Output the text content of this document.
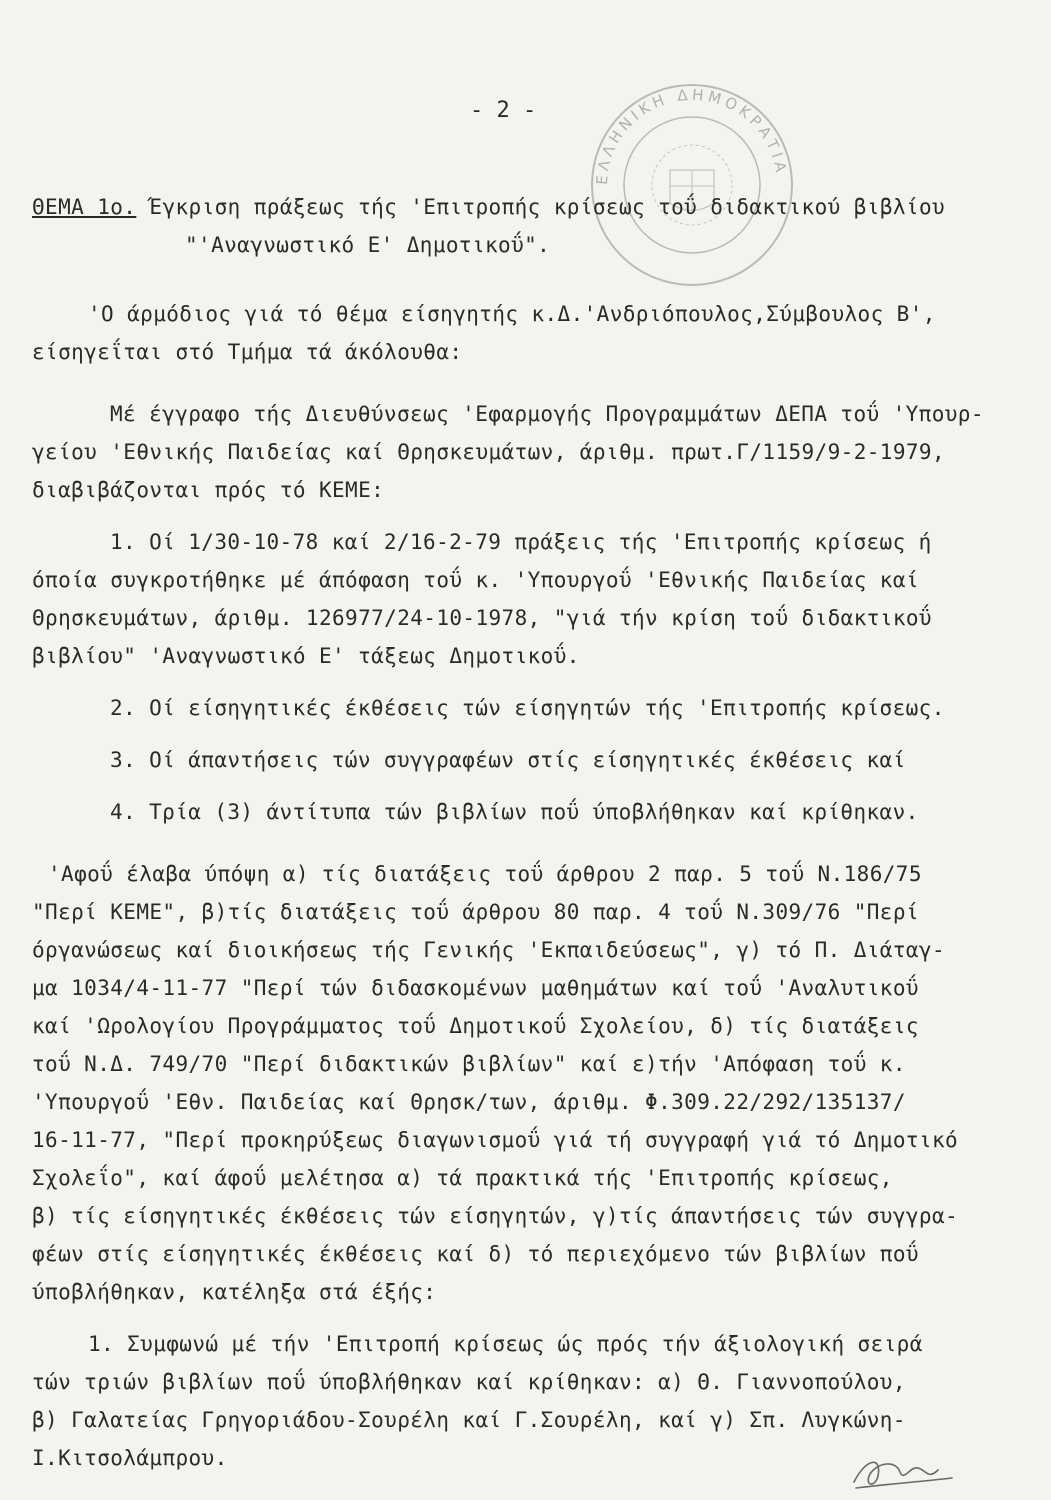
- 2 -
ΕΛΛΗΝΙΚΗ ΔΗΜΟΚΡΑΤΙΑ
ΘΕΜΑ 1ο. Έγκριση πράξεως τής 'Επιτροπής κρίσεως τοΰ διδακτικού βιβλίου
"'Αναγνωστικό Ε' Δημοτικοΰ".
'Ο άρμόδιος γιά τό θέμα είσηγητής κ.Δ.'Ανδριόπουλος,Σύμβουλος Β',
είσηγεΐται στό Τμήμα τά άκόλουθα:
Μέ έγγραφο τής Διευθύνσεως 'Εφαρμογής Προγραμμάτων ΔΕΠΑ τοΰ 'Υπουρ-
γείου 'Εθνικής Παιδείας καί Θρησκευμάτων, άριθμ. πρωτ.Γ/1159/9-2-1979,
διαβιβάζονται πρός τό ΚΕΜΕ:
1. Οί 1/30-10-78 καί 2/16-2-79 πράξεις τής 'Επιτροπής κρίσεως ή
όποία συγκροτήθηκε μέ άπόφαση τοΰ κ. 'Υπουργοΰ 'Εθνικής Παιδείας καί
Θρησκευμάτων, άριθμ. 126977/24-10-1978, "γιά τήν κρίση τοΰ διδακτικοΰ
βιβλίου" 'Αναγνωστικό Ε' τάξεως Δημοτικοΰ.
2. Οί είσηγητικές έκθέσεις τών είσηγητών τής 'Επιτροπής κρίσεως.
3. Οί άπαντήσεις τών συγγραφέων στίς είσηγητικές έκθέσεις καί
4. Τρία (3) άντίτυπα τών βιβλίων ποΰ ύποβλήθηκαν καί κρίθηκαν.
'Αφοΰ έλαβα ύπόψη α) τίς διατάξεις τοΰ άρθρου 2 παρ. 5 τοΰ Ν.186/75
"Περί ΚΕΜΕ", β)τίς διατάξεις τοΰ άρθρου 80 παρ. 4 τοΰ Ν.309/76 "Περί
όργανώσεως καί διοικήσεως τής Γενικής 'Εκπαιδεύσεως", γ) τό Π. Διάταγ-
μα 1034/4-11-77 "Περί τών διδασκομένων μαθημάτων καί τοΰ 'Αναλυτικοΰ
καί 'Ωρολογίου Προγράμματος τοΰ Δημοτικοΰ Σχολείου, δ) τίς διατάξεις
τοΰ Ν.Δ. 749/70 "Περί διδακτικών βιβλίων" καί ε)τήν 'Απόφαση τοΰ κ.
'Υπουργοΰ 'Εθν. Παιδείας καί Θρησκ/των, άριθμ. Φ.309.22/292/135137/
16-11-77, "Περί προκηρύξεως διαγωνισμοΰ γιά τή συγγραφή γιά τό Δημοτικό
Σχολεΐο", καί άφοΰ μελέτησα α) τά πρακτικά τής 'Επιτροπής κρίσεως,
β) τίς είσηγητικές έκθέσεις τών είσηγητών, γ)τίς άπαντήσεις τών συγγρα-
φέων στίς είσηγητικές έκθέσεις καί δ) τό περιεχόμενο τών βιβλίων ποΰ
ύποβλήθηκαν, κατέληξα στά έξής:
1. Συμφωνώ μέ τήν 'Επιτροπή κρίσεως ώς πρός τήν άξιολογική σειρά
τών τριών βιβλίων ποΰ ύποβλήθηκαν καί κρίθηκαν: α) Θ. Γιαννοπούλου,
β) Γαλατείας Γρηγοριάδου-Σουρέλη καί Γ.Σουρέλη, καί γ) Σπ. Λυγκώνη-
Ι.Κιτσολάμπρου.
